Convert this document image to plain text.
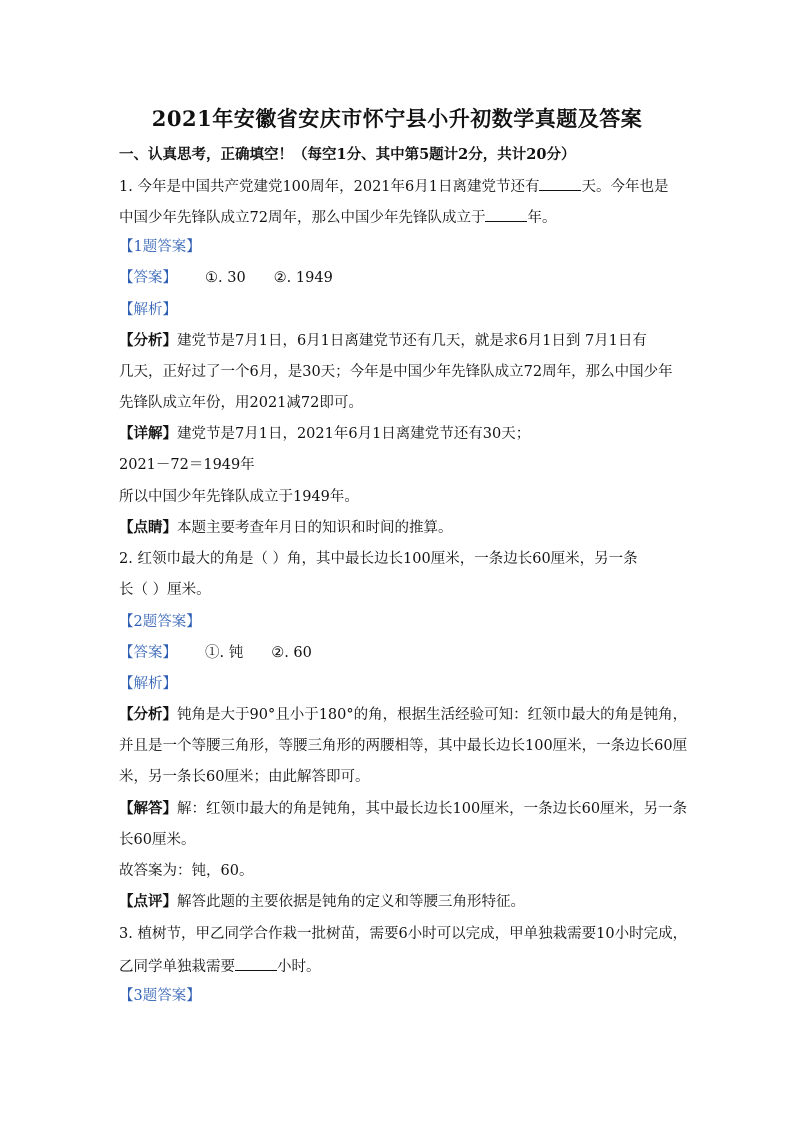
2021年安徽省安庆市怀宁县小升初数学真题及答案
一、认真思考，正确填空！（每空1分、其中第5题计2分，共计20分）
1. 今年是中国共产党建党100周年，2021年6月1日离建党节还有	天。今年也是
中国少年先锋队成立72周年，那么中国少年先锋队成立于	年。
【1题答案】
【答案】 ①. 30 ②. 1949
【解析】
【分析】建党节是7月1日，6月1日离建党节还有几天，就是求6月1日到 7月1日有
几天，正好过了一个6月，是30天；今年是中国少年先锋队成立72周年，那么中国少年
先锋队成立年份，用2021减72即可。
【详解】建党节是7月1日，2021年6月1日离建党节还有30天；
2021－72＝1949年
所以中国少年先锋队成立于1949年。
【点睛】本题主要考查年月日的知识和时间的推算。
2. 红领巾最大的角是（ ）角，其中最长边长100厘米，一条边长60厘米，另一条
长（ ）厘米。
【2题答案】
【答案】 ①. 钝 ②. 60
【解析】
【分析】钝角是大于90°且小于180°的角，根据生活经验可知：红领巾最大的角是钝角，
并且是一个等腰三角形，等腰三角形的两腰相等，其中最长边长100厘米，一条边长60厘
米，另一条长60厘米；由此解答即可。
【解答】解：红领巾最大的角是钝角，其中最长边长100厘米，一条边长60厘米，另一条
长60厘米。
故答案为：钝，60。
【点评】解答此题的主要依据是钝角的定义和等腰三角形特征。
3. 植树节，甲乙同学合作栽一批树苗，需要6小时可以完成，甲单独栽需要10小时完成，
乙同学单独栽需要	小时。
【3题答案】
